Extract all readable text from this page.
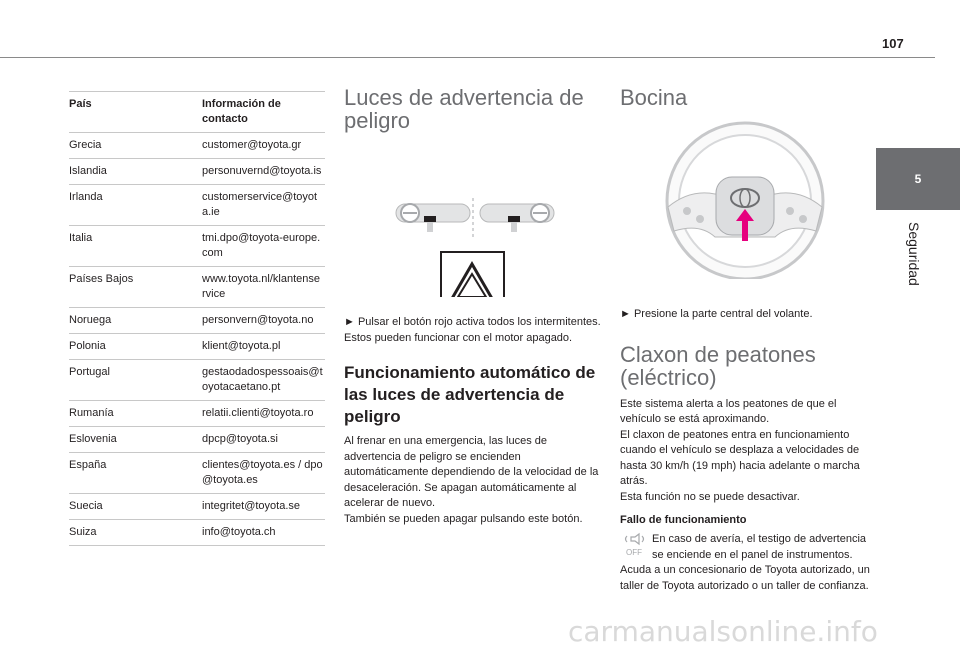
107
5
Seguridad
País	Información de contacto
Grecia	customer@toyota.gr
Islandia	personuvernd@toyota.is
Irlanda	customerservice@toyota.ie
Italia	tmi.dpo@toyota-europe.com
Países Bajos	www.toyota.nl/klantenservice
Noruega	personvern@toyota.no
Polonia	klient@toyota.pl
Portugal	gestaodadospessoais@toyotacaetano.pt
Rumanía	relatii.clienti@toyota.ro
Eslovenia	dpcp@toyota.si
España	clientes@toyota.es / dpo@toyota.es
Suecia	integritet@toyota.se
Suiza	info@toyota.ch
Luces de advertencia de peligro

► Pulsar el botón rojo activa todos los intermitentes. Estos pueden funcionar con el motor apagado.

Funcionamiento automático de las luces de advertencia de peligro

Al frenar en una emergencia, las luces de advertencia de peligro se encienden automáticamente dependiendo de la velocidad de la desaceleración. Se apagan automáticamente al acelerar de nuevo.

También se pueden apagar pulsando este botón.

Bocina

► Presione la parte central del volante.

Claxon de peatones (eléctrico)

Este sistema alerta a los peatones de que el vehículo se está aproximando.

El claxon de peatones entra en funcionamiento cuando el vehículo se desplaza a velocidades de hasta 30 km/h (19 mph) hacia adelante o marcha atrás.

Esta función no se puede desactivar.

Fallo de funcionamiento
OFF

En caso de avería, el testigo de advertencia se enciende en el panel de instrumentos.

Acuda a un concesionario de Toyota autorizado, un taller de Toyota autorizado o un taller de confianza.

carmanualsonline.info
